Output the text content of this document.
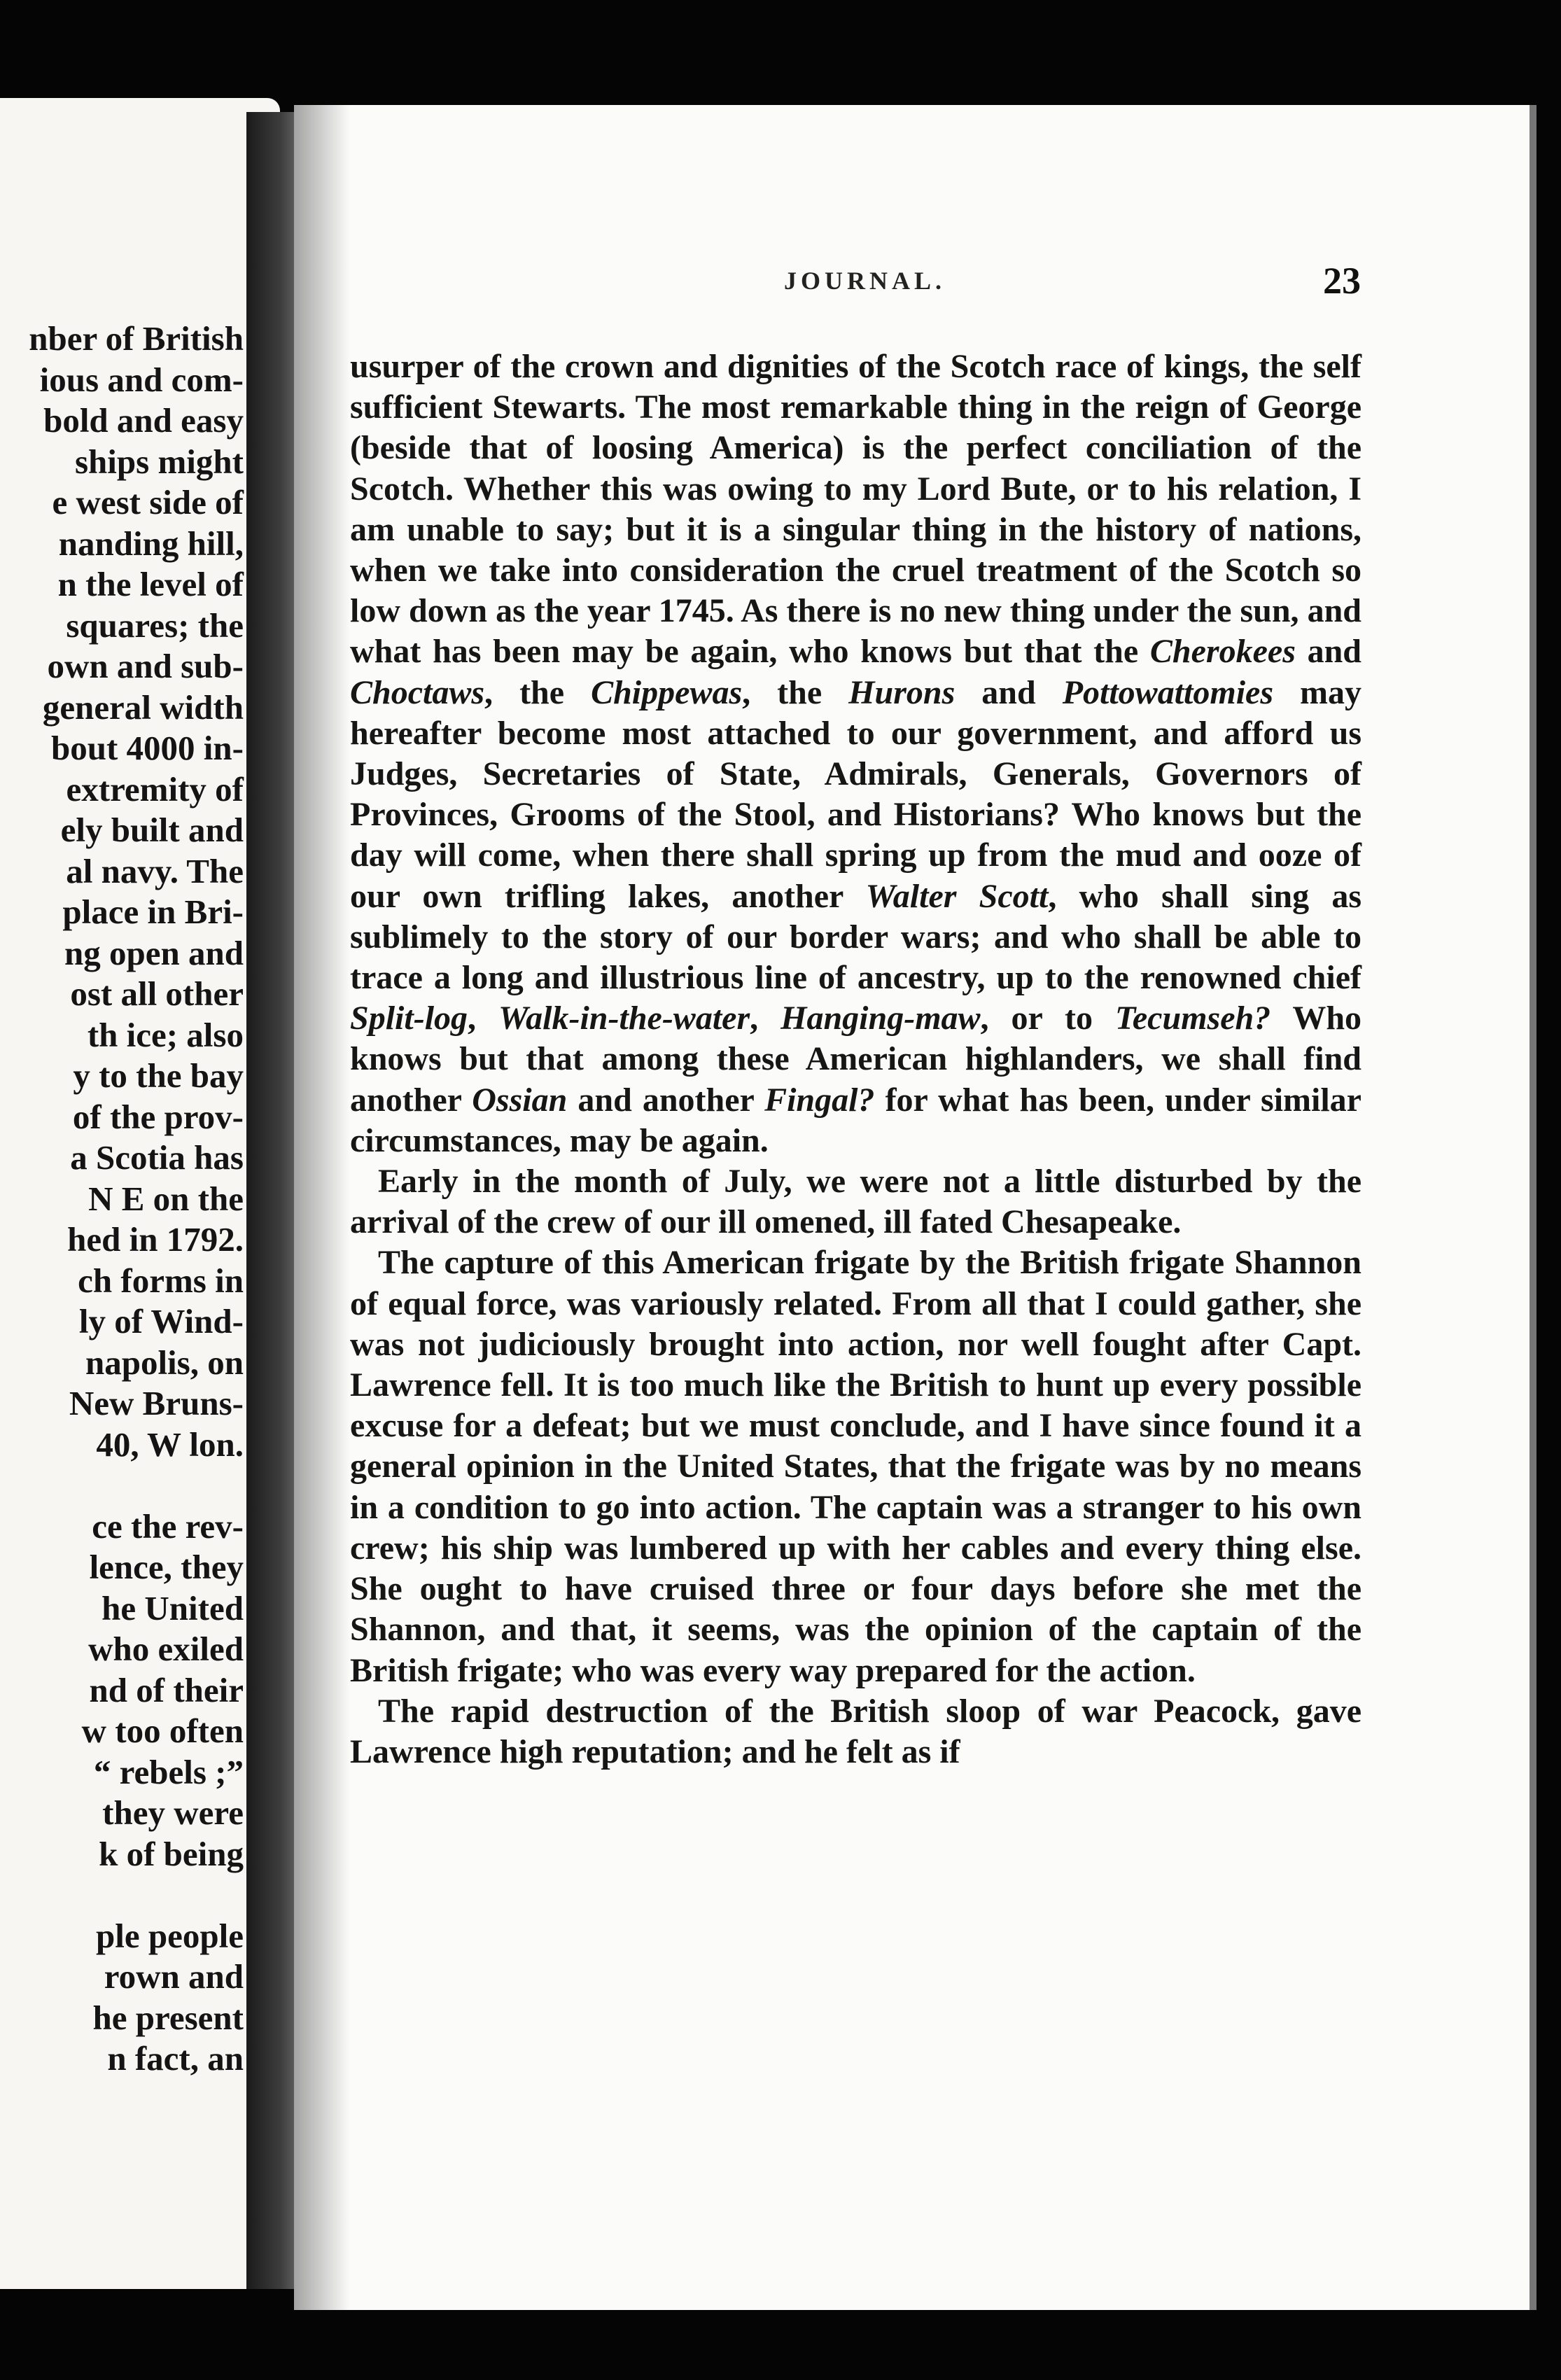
nber of British
ious and com-
bold and easy
ships might
e west side of
nanding hill,
n the level of
squares; the
own and sub-
general width
bout 4000 in-
extremity of
ely built and
al navy. The
place in Bri-
ng open and
ost all other
th ice; also
y to the bay
of the prov-
a Scotia has
N E on the
hed in 1792.
ch forms in
ly of Wind-
napolis, on
New Bruns-
40, W lon.
ce the rev-
lence, they
he United
who exiled
nd of their
w too often
“ rebels ;”
they were
k of being
ple people
rown and
he present
n fact, an
JOURNAL.	23

usurper of the crown and dignities of the Scotch race of kings, the self sufficient Stewarts. The most remarkable thing in the reign of George (beside that of loosing America) is the perfect conciliation of the Scotch. Whether this was owing to my Lord Bute, or to his relation, I am unable to say; but it is a singular thing in the history of nations, when we take into consideration the cruel treatment of the Scotch so low down as the year 1745. As there is no new thing under the sun, and what has been may be again, who knows but that the Cherokees and Choctaws, the Chippewas, the Hurons and Pottowattomies may hereafter become most attached to our government, and afford us Judges, Secretaries of State, Admirals, Generals, Governors of Provinces, Grooms of the Stool, and Historians? Who knows but the day will come, when there shall spring up from the mud and ooze of our own trifling lakes, another Walter Scott, who shall sing as sublimely to the story of our border wars; and who shall be able to trace a long and illustrious line of ancestry, up to the renowned chief Split-log, Walk-in-the-water, Hanging-maw, or to Tecumseh? Who knows but that among these American highlanders, we shall find another Ossian and another Fingal? for what has been, under similar circumstances, may be again.

Early in the month of July, we were not a little disturbed by the arrival of the crew of our ill omened, ill fated Chesapeake.

The capture of this American frigate by the British frigate Shannon of equal force, was variously related. From all that I could gather, she was not judiciously brought into action, nor well fought after Capt. Lawrence fell. It is too much like the British to hunt up every possible excuse for a defeat; but we must conclude, and I have since found it a general opinion in the United States, that the frigate was by no means in a condition to go into action. The captain was a stranger to his own crew; his ship was lumbered up with her cables and every thing else. She ought to have cruised three or four days before she met the Shannon, and that, it seems, was the opinion of the captain of the British frigate; who was every way prepared for the action.

The rapid destruction of the British sloop of war Peacock, gave Lawrence high reputation; and he felt as if
